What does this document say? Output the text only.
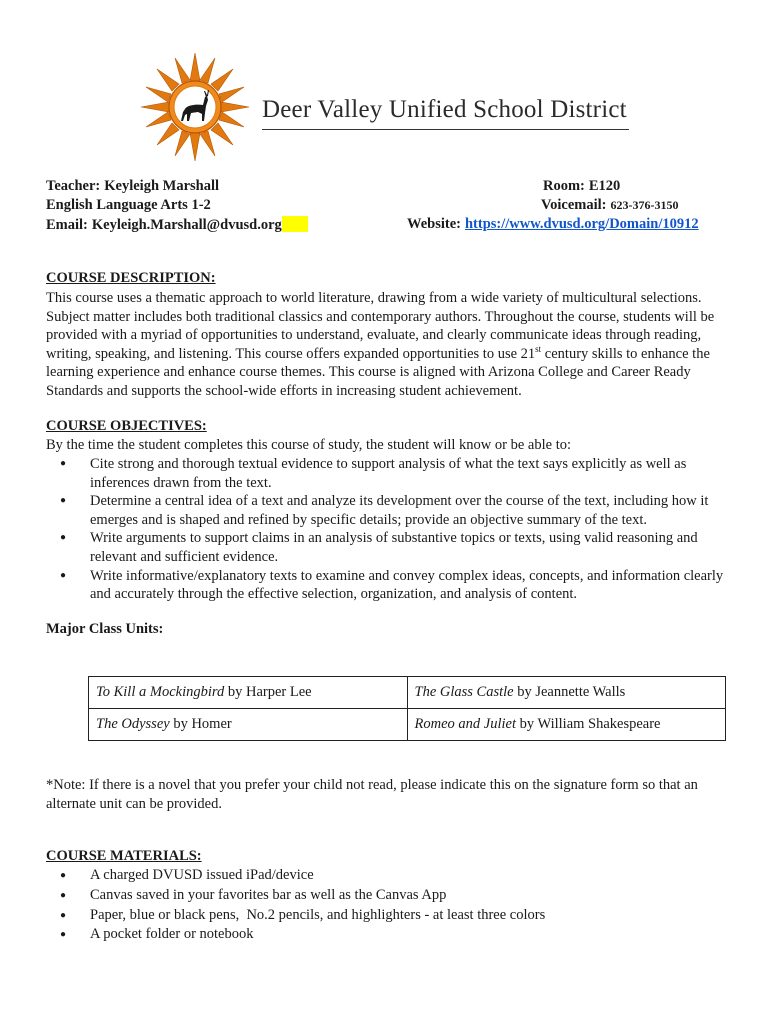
Deer Valley Unified School District
Teacher: Keyleigh Marshall
English Language Arts 1-2
Email: Keyleigh.Marshall@dvusd.org
Room: E120
Voicemail: 623-376-3150
Website: https://www.dvusd.org/Domain/10912
COURSE DESCRIPTION:
This course uses a thematic approach to world literature, drawing from a wide variety of multicultural selections. Subject matter includes both traditional classics and contemporary authors. Throughout the course, students will be provided with a myriad of opportunities to understand, evaluate, and clearly communicate ideas through reading, writing, speaking, and listening. This course offers expanded opportunities to use 21st century skills to enhance the learning experience and enhance course themes. This course is aligned with Arizona College and Career Ready Standards and supports the school-wide efforts in increasing student achievement.
COURSE OBJECTIVES:
By the time the student completes this course of study, the student will know or be able to:
● Cite strong and thorough textual evidence to support analysis of what the text says explicitly as well as inferences drawn from the text.
● Determine a central idea of a text and analyze its development over the course of the text, including how it emerges and is shaped and refined by specific details; provide an objective summary of the text.
● Write arguments to support claims in an analysis of substantive topics or texts, using valid reasoning and relevant and sufficient evidence.
● Write informative/explanatory texts to examine and convey complex ideas, concepts, and information clearly and accurately through the effective selection, organization, and analysis of content.
Major Class Units:
To Kill a Mockingbird by Harper Lee	The Glass Castle by Jeannette Walls
The Odyssey by Homer	Romeo and Juliet by William Shakespeare
*Note: If there is a novel that you prefer your child not read, please indicate this on the signature form so that an alternate unit can be provided.
COURSE MATERIALS:
● A charged DVUSD issued iPad/device
● Canvas saved in your favorites bar as well as the Canvas App
● Paper, blue or black pens,  No.2 pencils, and highlighters - at least three colors
● A pocket folder or notebook
